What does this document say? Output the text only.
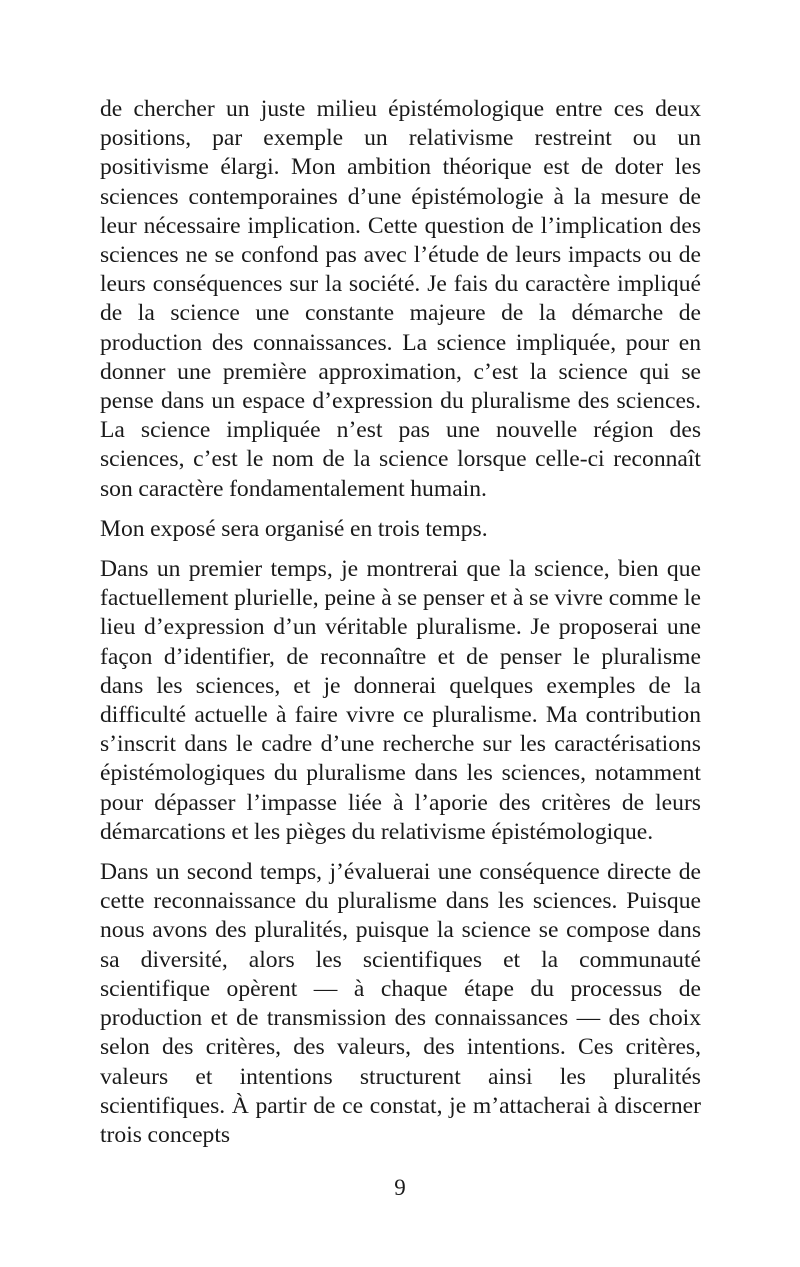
de chercher un juste milieu épistémologique entre ces deux positions, par exemple un relativisme restreint ou un positivisme élargi. Mon ambition théorique est de doter les sciences contemporaines d’une épistémologie à la mesure de leur nécessaire implication. Cette question de l’implication des sciences ne se confond pas avec l’étude de leurs impacts ou de leurs conséquences sur la société. Je fais du caractère impliqué de la science une constante majeure de la démarche de production des connaissances. La science impliquée, pour en donner une première approximation, c’est la science qui se pense dans un espace d’expression du pluralisme des sciences. La science impliquée n’est pas une nouvelle région des sciences, c’est le nom de la science lorsque celle-ci reconnaît son caractère fondamentalement humain.

Mon exposé sera organisé en trois temps.

Dans un premier temps, je montrerai que la science, bien que factuellement plurielle, peine à se penser et à se vivre comme le lieu d’expression d’un véritable pluralisme. Je proposerai une façon d’identifier, de reconnaître et de penser le pluralisme dans les sciences, et je donnerai quelques exemples de la difficulté actuelle à faire vivre ce pluralisme. Ma contribution s’inscrit dans le cadre d’une recherche sur les caractérisations épistémologiques du pluralisme dans les sciences, notamment pour dépasser l’impasse liée à l’aporie des critères de leurs démarcations et les pièges du relativisme épistémologique.

Dans un second temps, j’évaluerai une conséquence directe de cette reconnaissance du pluralisme dans les sciences. Puisque nous avons des pluralités, puisque la science se compose dans sa diversité, alors les scientifiques et la communauté scientifique opèrent — à chaque étape du processus de production et de transmission des connaissances — des choix selon des critères, des valeurs, des intentions. Ces critères, valeurs et intentions structurent ainsi les pluralités scientifiques. À partir de ce constat, je m’attacherai à discerner trois concepts

9
